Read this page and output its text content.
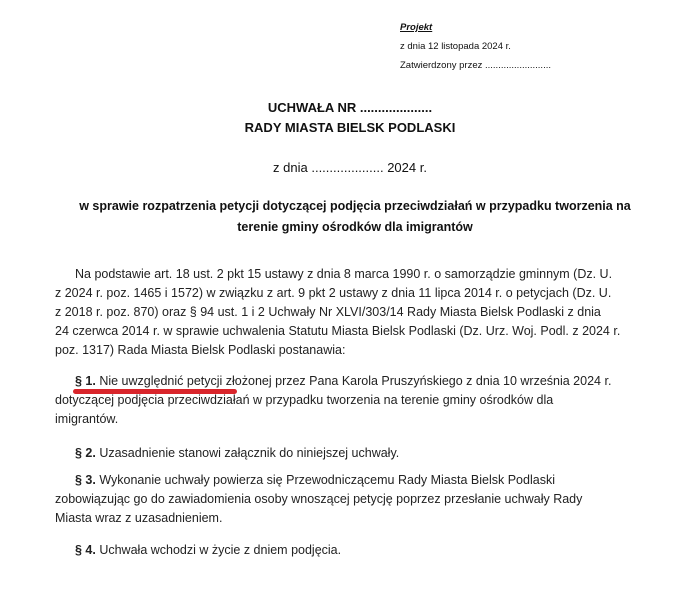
Projekt
z dnia 12 listopada 2024 r.
Zatwierdzony przez .........................
UCHWAŁA NR ....................
RADY MIASTA BIELSK PODLASKI
z dnia .................... 2024 r.
w sprawie rozpatrzenia petycji dotyczącej podjęcia przeciwdziałań w przypadku tworzenia na
terenie gminy ośrodków dla imigrantów
Na podstawie art. 18 ust. 2 pkt 15 ustawy z dnia 8 marca 1990 r. o samorządzie gminnym (Dz. U.
z 2024 r. poz. 1465 i 1572) w związku z art. 9 pkt 2 ustawy z dnia 11 lipca 2014 r. o petycjach (Dz. U.
z 2018 r. poz. 870) oraz § 94 ust. 1 i 2 Uchwały Nr XLVI/303/14 Rady Miasta Bielsk Podlaski z dnia
24 czerwca 2014 r. w sprawie uchwalenia Statutu Miasta Bielsk Podlaski (Dz. Urz. Woj. Podl. z 2024 r.
poz. 1317) Rada Miasta Bielsk Podlaski postanawia:
§ 1. Nie uwzględnić petycji złożonej przez Pana Karola Pruszyńskiego z dnia 10 września 2024 r.
dotyczącej podjęcia przeciwdziałań w przypadku tworzenia na terenie gminy ośrodków dla
imigrantów.
§ 2. Uzasadnienie stanowi załącznik do niniejszej uchwały.
§ 3. Wykonanie uchwały powierza się Przewodniczącemu Rady Miasta Bielsk Podlaski
zobowiązując go do zawiadomienia osoby wnoszącej petycję poprzez przesłanie uchwały Rady
Miasta wraz z uzasadnieniem.
§ 4. Uchwała wchodzi w życie z dniem podjęcia.
